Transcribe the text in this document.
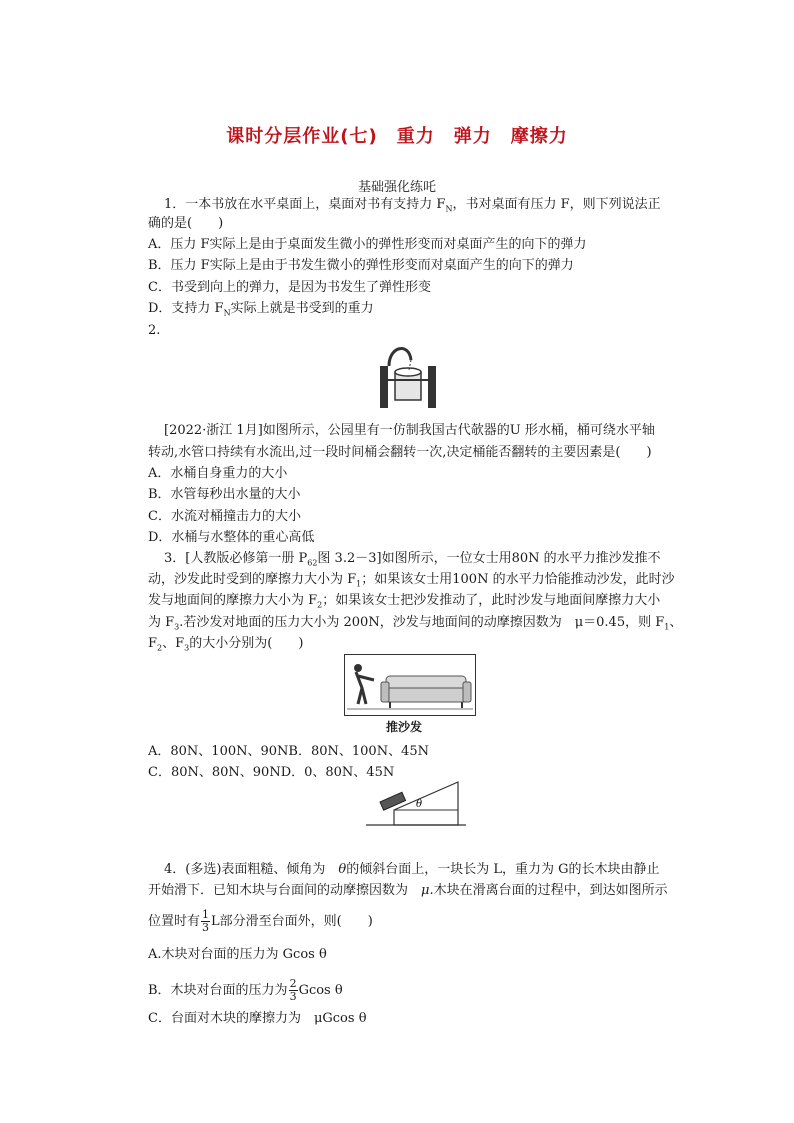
课时分层作业(七)　重力　弹力　摩擦力
基础强化练吒
1．一本书放在水平桌面上，桌面对书有支持力 $F_N$，书对桌面有压力 F，则下列说法正
确的是(　　)
A．压力 F实际上是由于桌面发生微小的弹性形变而对桌面产生的向下的弹力
B．压力 F实际上是由于书发生微小的弹性形变而对桌面产生的向下的弹力
C．书受到向上的弹力，是因为书发生了弹性形变
D．支持力 $F_N$实际上就是书受到的重力
2.
[2022·浙江 1月]如图所示，公园里有一仿制我国古代欹器的U 形水桶，桶可绕水平轴
转动,水管口持续有水流出,过一段时间桶会翻转一次,决定桶能否翻转的主要因素是(　　)
A．水桶自身重力的大小
B．水管每秒出水量的大小
C．水流对桶撞击力的大小
D．水桶与水整体的重心高低
3．[人教版必修第一册 $P_{62}$图 3.2－3]如图所示，一位女士用80N 的水平力推沙发推不
动，沙发此时受到的摩擦力大小为 $F_1$；如果该女士用100N 的水平力恰能推动沙发，此时沙
发与地面间的摩擦力大小为 $F_2$；如果该女士把沙发推动了，此时沙发与地面间摩擦力大小
为 $F_3$.若沙发对地面的压力大小为 200N，沙发与地面间的动摩擦因数为　μ＝0.45，则 $F_1$、
$F_2$、$F_3$的大小分别为(　　)
推沙发
A．80N、100N、90NB．80N、100N、45N
C．80N、80N、90ND．0、80N、45N
θ
4．(多选)表面粗糙、倾角为　θ的倾斜台面上，一块长为 L，重力为 G的长木块由静止
开始滑下．已知木块与台面间的动摩擦因数为　μ.木块在滑离台面的过程中，到达如图所示
位置时有 $\frac{1}{3}$ L部分滑至台面外，则(　　)
A.木块对台面的压力为 Gcos θ
B．木块对台面的压力为 $\frac{2}{3}$ Gcos θ
C．台面对木块的摩擦力为　μGcos θ
